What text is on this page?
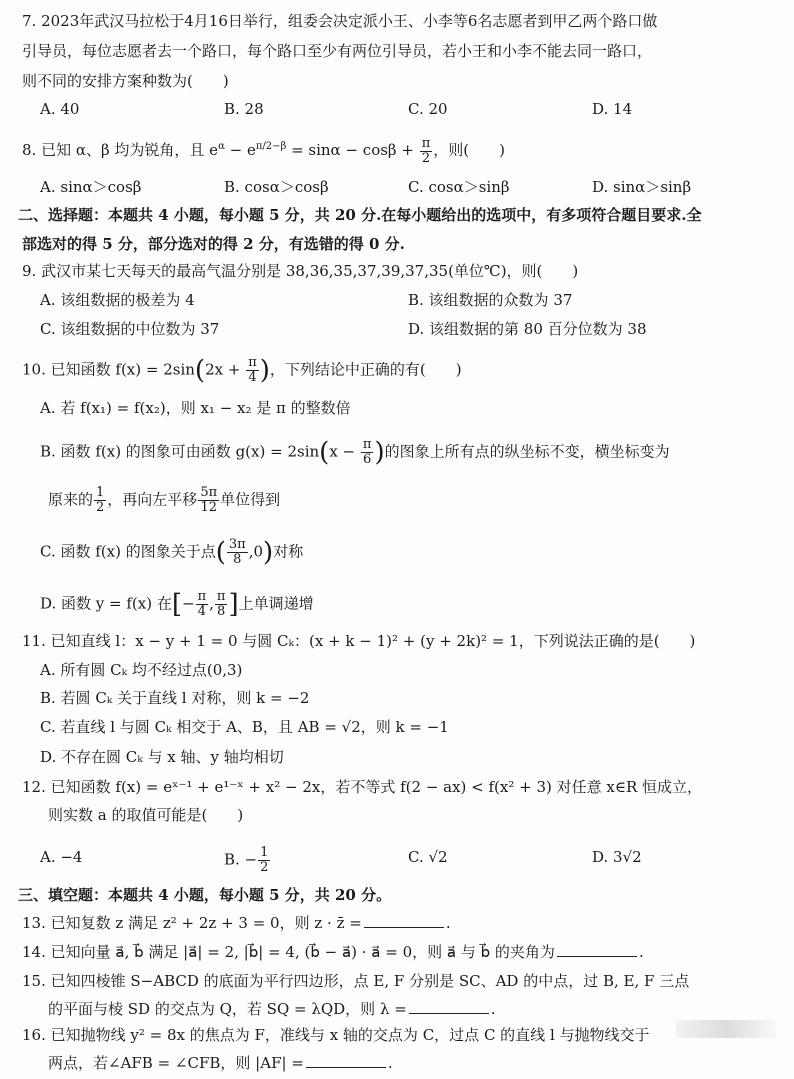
7. 2023年武汉马拉松于4月16日举行，组委会决定派小王、小李等6名志愿者到甲乙两个路口做
引导员，每位志愿者去一个路口，每个路口至少有两位引导员，若小王和小李不能去同一路口，
则不同的安排方案种数为(　　)
A. 40	B. 28	C. 20	D. 14
8. 已知 α、β 均为锐角，且 $e^\alpha - e^{\pi/2-\beta} = \sin\alpha - \cos\beta + \frac{\pi}{2}$ ，则(　　)
A. sinα＞cosβ	B. cosα＞cosβ	C. cosα＞sinβ	D. sinα＞sinβ
二、选择题：本题共 4 小题，每小题 5 分，共 20 分.在每小题给出的选项中，有多项符合题目要求.全
部选对的得 5 分，部分选对的得 2 分，有选错的得 0 分.
9. 武汉市某七天每天的最高气温分别是 38,36,35,37,39,37,35(单位℃)，则(　　)
A. 该组数据的极差为 4	B. 该组数据的众数为 37
C. 该组数据的中位数为 37	D. 该组数据的第 80 百分位数为 38
10. 已知函数 $f(x) = 2\sin(2x + \frac{\pi}{4}$ )，下列结论中正确的有(　　)
A. 若 f(x₁) = f(x₂)，则 x₁ − x₂ 是 π 的整数倍
B. 函数 f(x) 的图象可由函数 $g(x) = 2\sin(x - \frac{\pi}{6}$ )的图象上所有点的纵坐标不变，横坐标变为
原来的 $\frac{1}{2}$ ，再向左平移 $\frac{5\pi}{12}$ 单位得到
C. 函数 f(x) 的图象关于点( $\frac{3\pi}{8} ,0$)对称
D. 函数 y = f(x) 在[− $\frac{\pi}{4}$ , $\frac{\pi}{8}$ ]上单调递增
11. 已知直线 l：x − y + 1 = 0 与圆 Cₖ：(x + k − 1)² + (y + 2k)² = 1，下列说法正确的是(　　)
A. 所有圆 Cₖ 均不经过点(0,3)
B. 若圆 Cₖ 关于直线 l 对称，则 k = −2
C. 若直线 l 与圆 Cₖ 相交于 A、B，且 AB = √2，则 k = −1
D. 不存在圆 Cₖ 与 x 轴、y 轴均相切
12. 已知函数 f(x) = eˣ⁻¹ + e¹⁻ˣ + x² − 2x，若不等式 f(2 − ax) < f(x² + 3) 对任意 x∈R 恒成立，
则实数 a 的取值可能是(　　)
A. −4	B. − $\frac{1}{2}$	C. √2	D. 3√2
三、填空题：本题共 4 小题，每小题 5 分，共 20 分。
13. 已知复数 z 满足 z² + 2z + 3 = 0，则 z · z̄ =	.
14. 已知向量 a⃗, b⃗ 满足 |a⃗| = 2, |b⃗| = 4, (b⃗ − a⃗) · a⃗ = 0，则 a⃗ 与 b⃗ 的夹角为	.
15. 已知四棱锥 S−ABCD 的底面为平行四边形，点 E, F 分别是 SC、AD 的中点，过 B, E, F 三点
的平面与棱 SD 的交点为 Q，若 SQ = λQD，则 λ =	.
16. 已知抛物线 y² = 8x 的焦点为 F，准线与 x 轴的交点为 C，过点 C 的直线 l 与抛物线交于
两点，若∠AFB = ∠CFB，则 |AF| =	.
